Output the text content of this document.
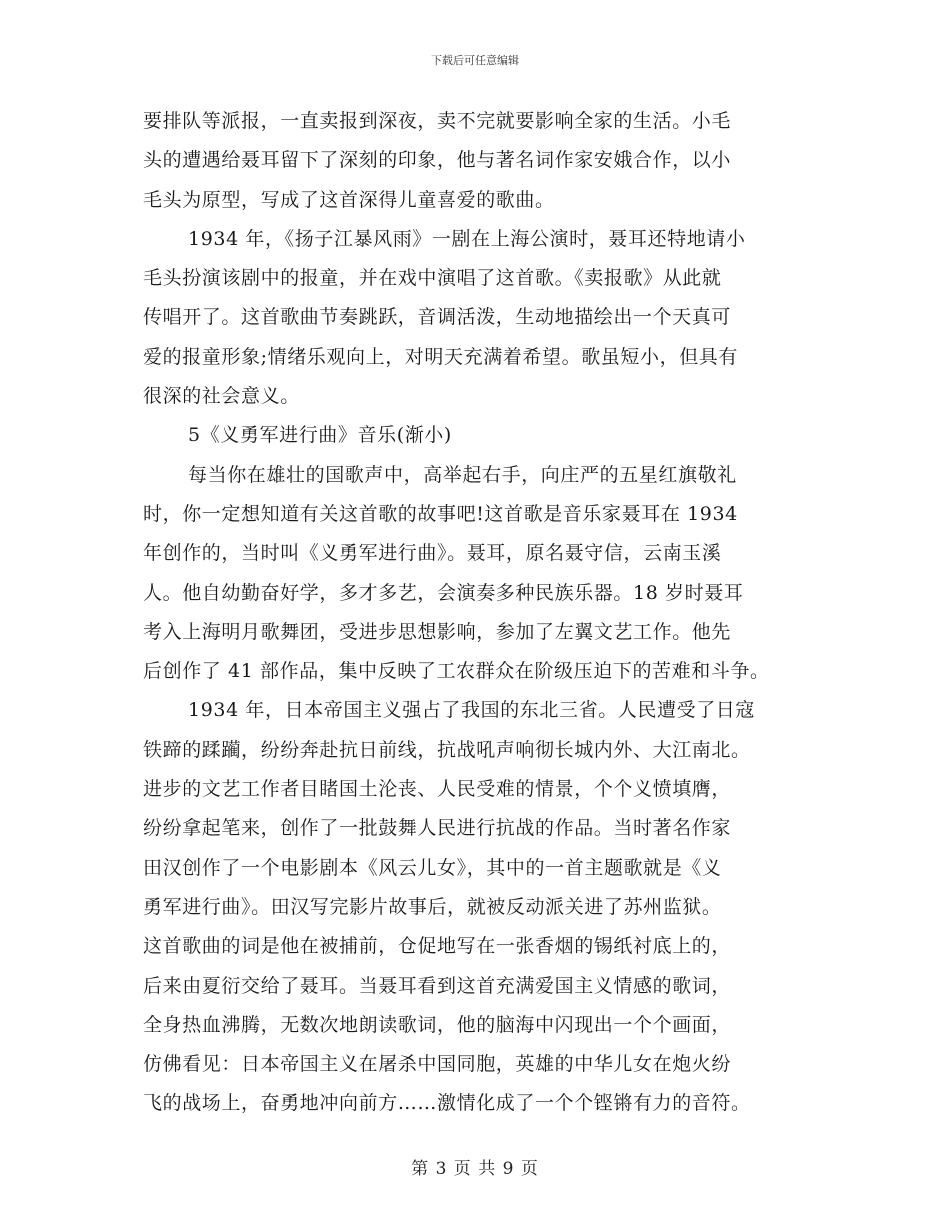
下载后可任意编辑
要排队等派报，一直卖报到深夜，卖不完就要影响全家的生活。小毛
头的遭遇给聂耳留下了深刻的印象，他与著名词作家安娥合作，以小
毛头为原型，写成了这首深得儿童喜爱的歌曲。
1934 年，《扬子江暴风雨》一剧在上海公演时，聂耳还特地请小
毛头扮演该剧中的报童，并在戏中演唱了这首歌。《卖报歌》从此就
传唱开了。这首歌曲节奏跳跃，音调活泼，生动地描绘出一个天真可
爱的报童形象;情绪乐观向上，对明天充满着希望。歌虽短小，但具有
很深的社会意义。
5《义勇军进行曲》音乐(渐小)
每当你在雄壮的国歌声中，高举起右手，向庄严的五星红旗敬礼
时，你一定想知道有关这首歌的故事吧!这首歌是音乐家聂耳在 1934
年创作的，当时叫《义勇军进行曲》。聂耳，原名聂守信，云南玉溪
人。他自幼勤奋好学，多才多艺，会演奏多种民族乐器。18 岁时聂耳
考入上海明月歌舞团，受进步思想影响，参加了左翼文艺工作。他先
后创作了 41 部作品，集中反映了工农群众在阶级压迫下的苦难和斗争。
1934 年，日本帝国主义强占了我国的东北三省。人民遭受了日寇
铁蹄的蹂躏，纷纷奔赴抗日前线，抗战吼声响彻长城内外、大江南北。
进步的文艺工作者目睹国土沦丧、人民受难的情景，个个义愤填膺，
纷纷拿起笔来，创作了一批鼓舞人民进行抗战的作品。当时著名作家
田汉创作了一个电影剧本《风云儿女》，其中的一首主题歌就是《义
勇军进行曲》。田汉写完影片故事后，就被反动派关进了苏州监狱。
这首歌曲的词是他在被捕前，仓促地写在一张香烟的锡纸衬底上的，
后来由夏衍交给了聂耳。当聂耳看到这首充满爱国主义情感的歌词，
全身热血沸腾，无数次地朗读歌词，他的脑海中闪现出一个个画面，
仿佛看见：日本帝国主义在屠杀中国同胞，英雄的中华儿女在炮火纷
飞的战场上，奋勇地冲向前方……激情化成了一个个铿锵有力的音符。
第 3 页 共 9 页
